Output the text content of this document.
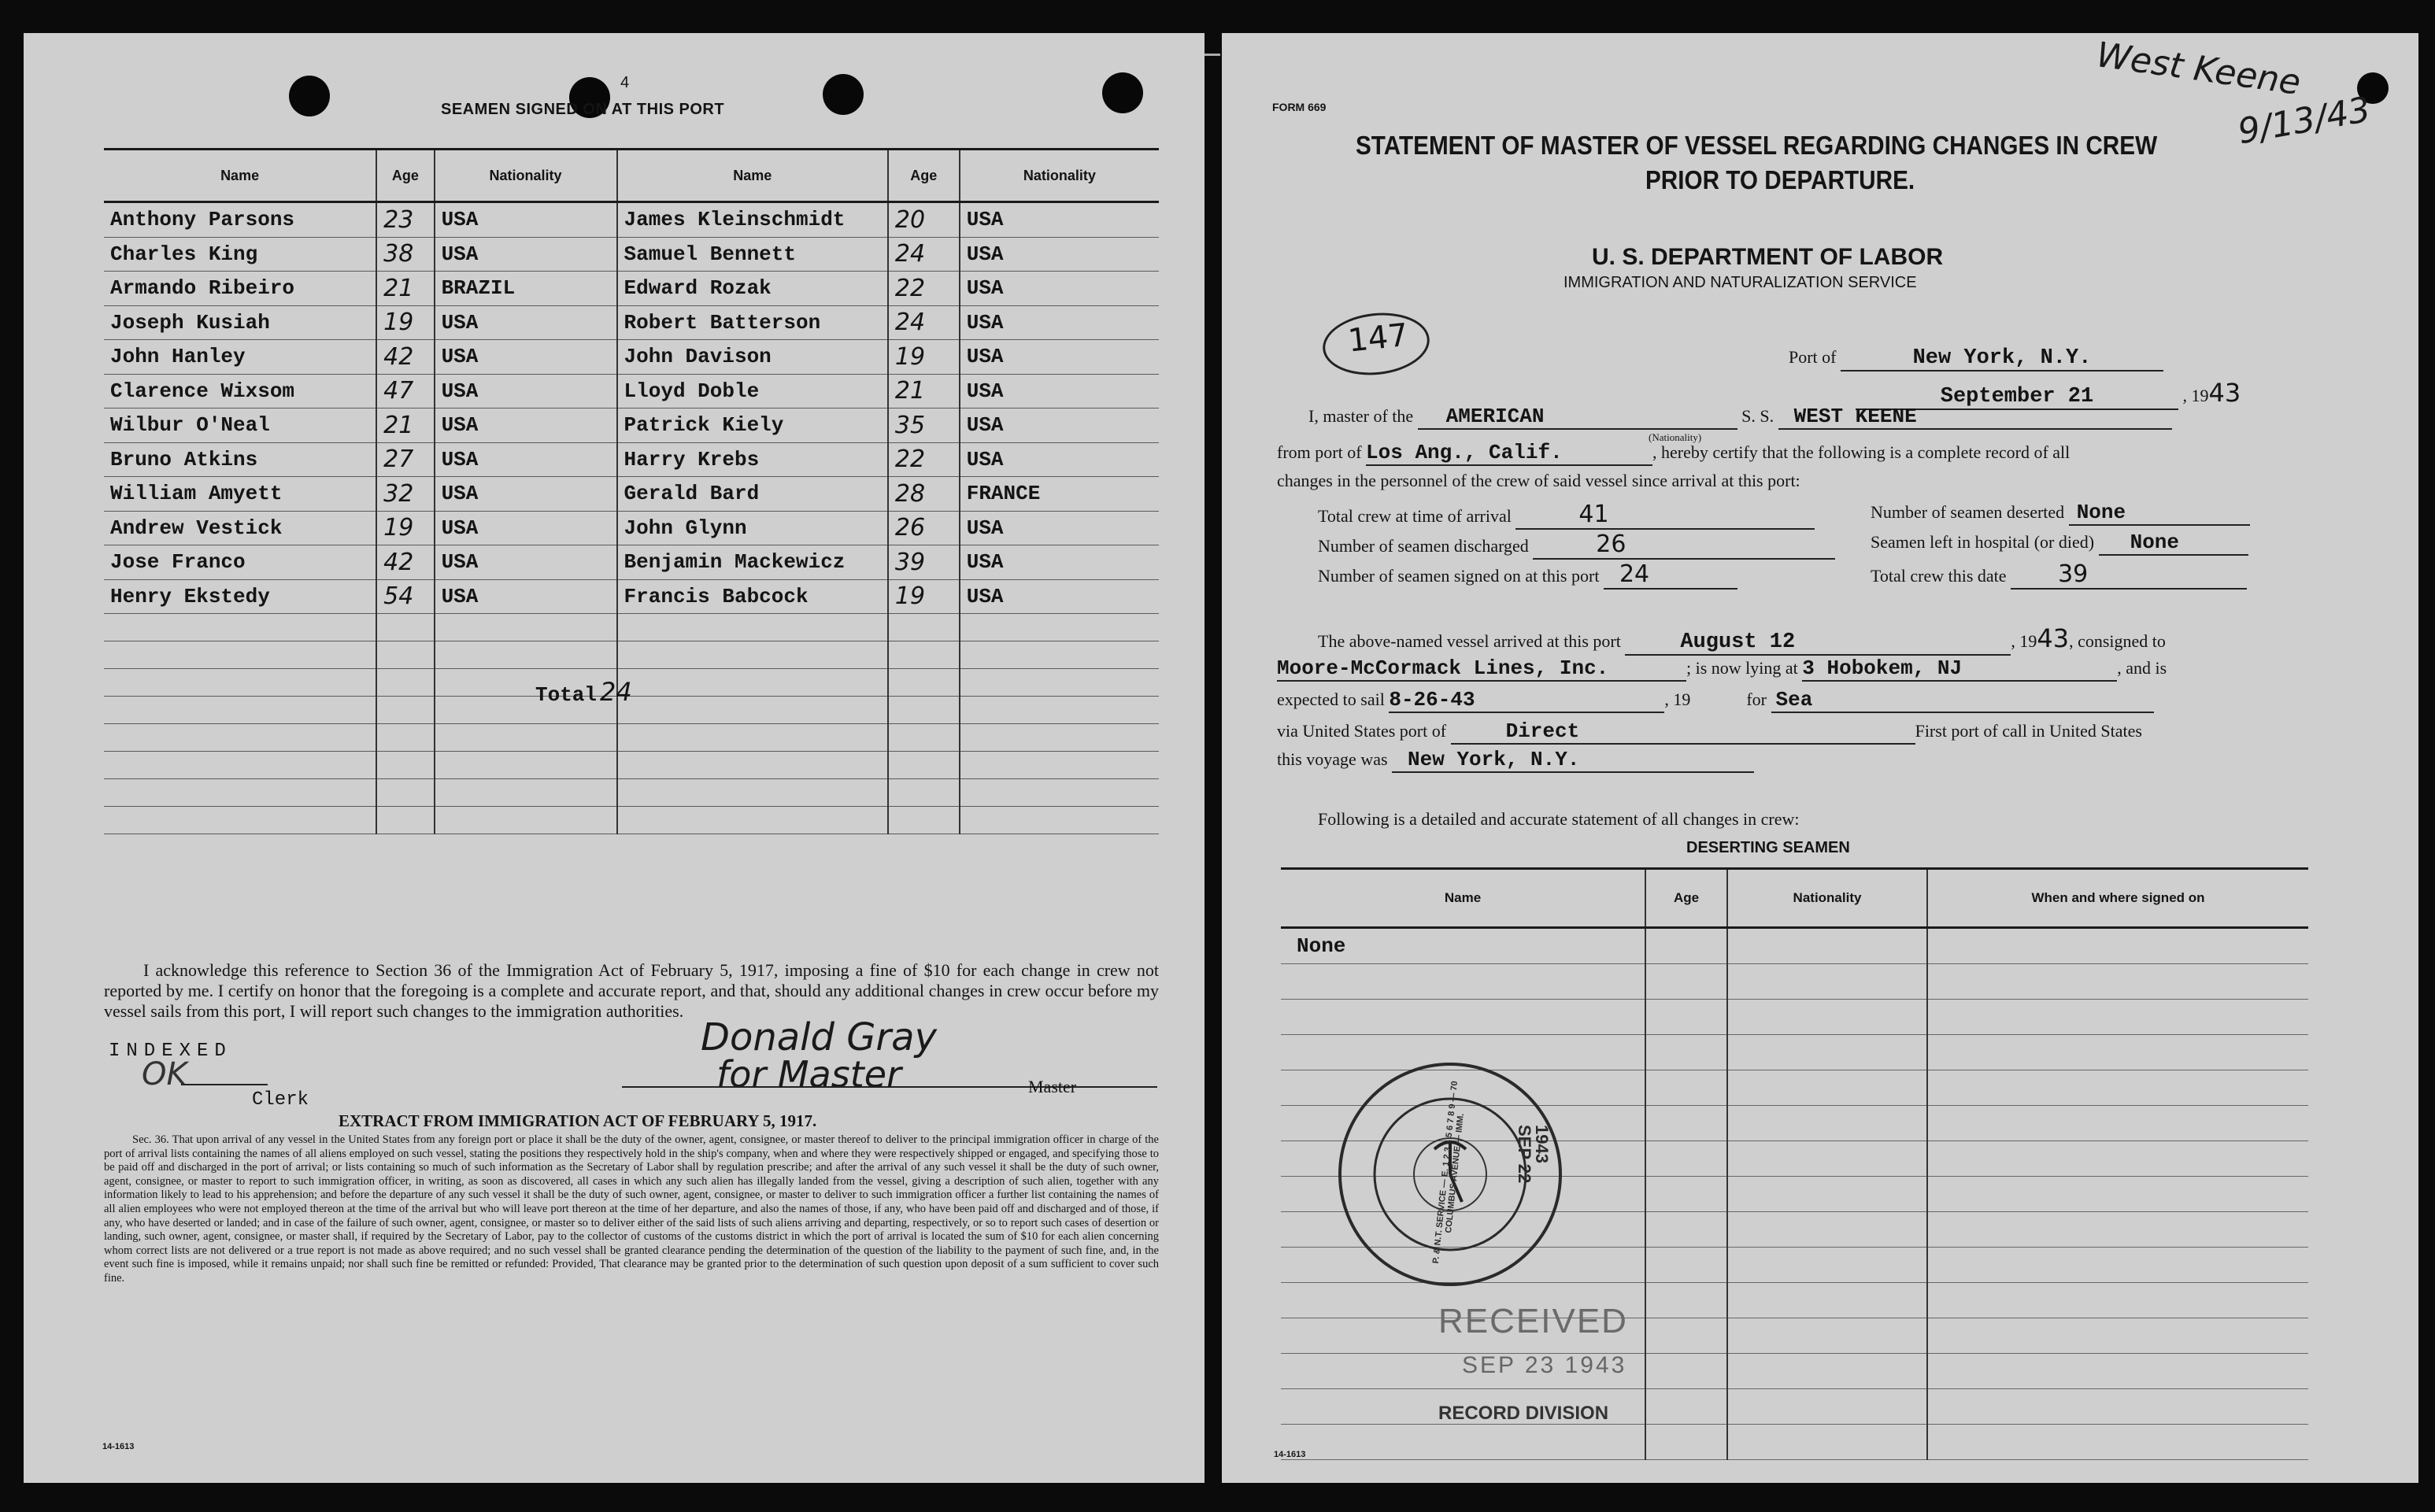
4
SEAMEN SIGNED ON AT THIS PORT
Name	Age	Nationality	Name	Age	Nationality
Anthony Parsons	23	USA	James Kleinschmidt	20	USA
Charles King	38	USA	Samuel Bennett	24	USA
Armando Ribeiro	21	BRAZIL	Edward Rozak	22	USA
Joseph Kusiah	19	USA	Robert Batterson	24	USA
John Hanley	42	USA	John Davison	19	USA
Clarence Wixsom	47	USA	Lloyd Doble	21	USA
Wilbur O'Neal	21	USA	Patrick Kiely	35	USA
Bruno Atkins	27	USA	Harry Krebs	22	USA
William Amyett	32	USA	Gerald Bard	28	FRANCE
Andrew Vestick	19	USA	John Glynn	26	USA
Jose Franco	42	USA	Benjamin Mackewicz	39	USA
Henry Ekstedy	54	USA	Francis Babcock	19	USA

Total 24
I acknowledge this reference to Section 36 of the Immigration Act of February 5, 1917, imposing a fine of $10 for each change in crew not reported by me. I certify on honor that the foregoing is a complete and accurate report, and that, should any additional changes in crew occur before my vessel sails from this port, I will report such changes to the immigration authorities.
INDEXED
OK
Clerk
Donald Gray
for Master	Master
EXTRACT FROM IMMIGRATION ACT OF FEBRUARY 5, 1917.
Sec. 36. That upon arrival of any vessel in the United States from any foreign port or place it shall be the duty of the owner, agent, consignee, or master thereof to deliver to the principal immigration officer in charge of the port of arrival lists containing the names of all aliens employed on such vessel, stating the positions they respectively hold in the ship's company, when and where they were respectively shipped or engaged, and specifying those to be paid off and discharged in the port of arrival; or lists containing so much of such information as the Secretary of Labor shall by regulation prescribe; and after the arrival of any such vessel it shall be the duty of such owner, agent, consignee, or master to report to such immigration officer, in writing, as soon as discovered, all cases in which any such alien has illegally landed from the vessel, giving a description of such alien, together with any information likely to lead to his apprehension; and before the departure of any such vessel it shall be the duty of such owner, agent, consignee, or master to deliver to such immigration officer a further list containing the names of all alien employees who were not employed thereon at the time of the arrival but who will leave port thereon at the time of her departure, and also the names of those, if any, who have been paid off and discharged and of those, if any, who have deserted or landed; and in case of the failure of such owner, agent, consignee, or master so to deliver either of the said lists of such aliens arriving and departing, respectively, or so to report such cases of desertion or landing, such owner, agent, consignee, or master shall, if required by the Secretary of Labor, pay to the collector of customs of the customs district in which the port of arrival is located the sum of $10 for each alien concerning whom correct lists are not delivered or a true report is not made as above required; and no such vessel shall be granted clearance pending the determination of the question of the liability to the payment of such fine, and, in the event such fine is imposed, while it remains unpaid; nor shall such fine be remitted or refunded: Provided, That clearance may be granted prior to the determination of such question upon deposit of a sum sufficient to cover such fine.
14-1613
FORM 669
West Keene
9/13/43
STATEMENT OF MASTER OF VESSEL REGARDING CHANGES IN CREW
PRIOR TO DEPARTURE.
U. S. DEPARTMENT OF LABOR
IMMIGRATION AND NATURALIZATION SERVICE
147	Port of	New York, N.Y.
September 21	, 1943
I, master of the AMERICAN	S. S. WEST KEENE
(Nationality)
from port of Los Ang., Calif.	, hereby certify that the following is a complete record of all
changes in the personnel of the crew of said vessel since arrival at this port:
Total crew at time of arrival	41	Number of seamen deserted None
Number of seamen discharged	26	Seamen left in hospital (or died) None
Number of seamen signed on at this port 24	Total crew this date 39
The above-named vessel arrived at this port	August 12	, 1943, consigned to
Moore-McCormack Lines, Inc.	; is now lying at 3 Hobokem, NJ	, and is
expected to sail 8-26-43	, 19	for Sea
via United States port of	Direct	First port of call in United States
this voyage was New York, N.Y.
Following is a detailed and accurate statement of all changes in crew:
DESERTING SEAMEN
Name	Age	Nationality	When and where signed on
None			

P. & N.T. SERVICE — E. 1 2 3 4 5 6 7 8 9 — 70 COLUMBUS AVENUE — IMM.	1943 SEP 22
RECEIVED
SEP 23 1943
RECORD DIVISION
14-1613
